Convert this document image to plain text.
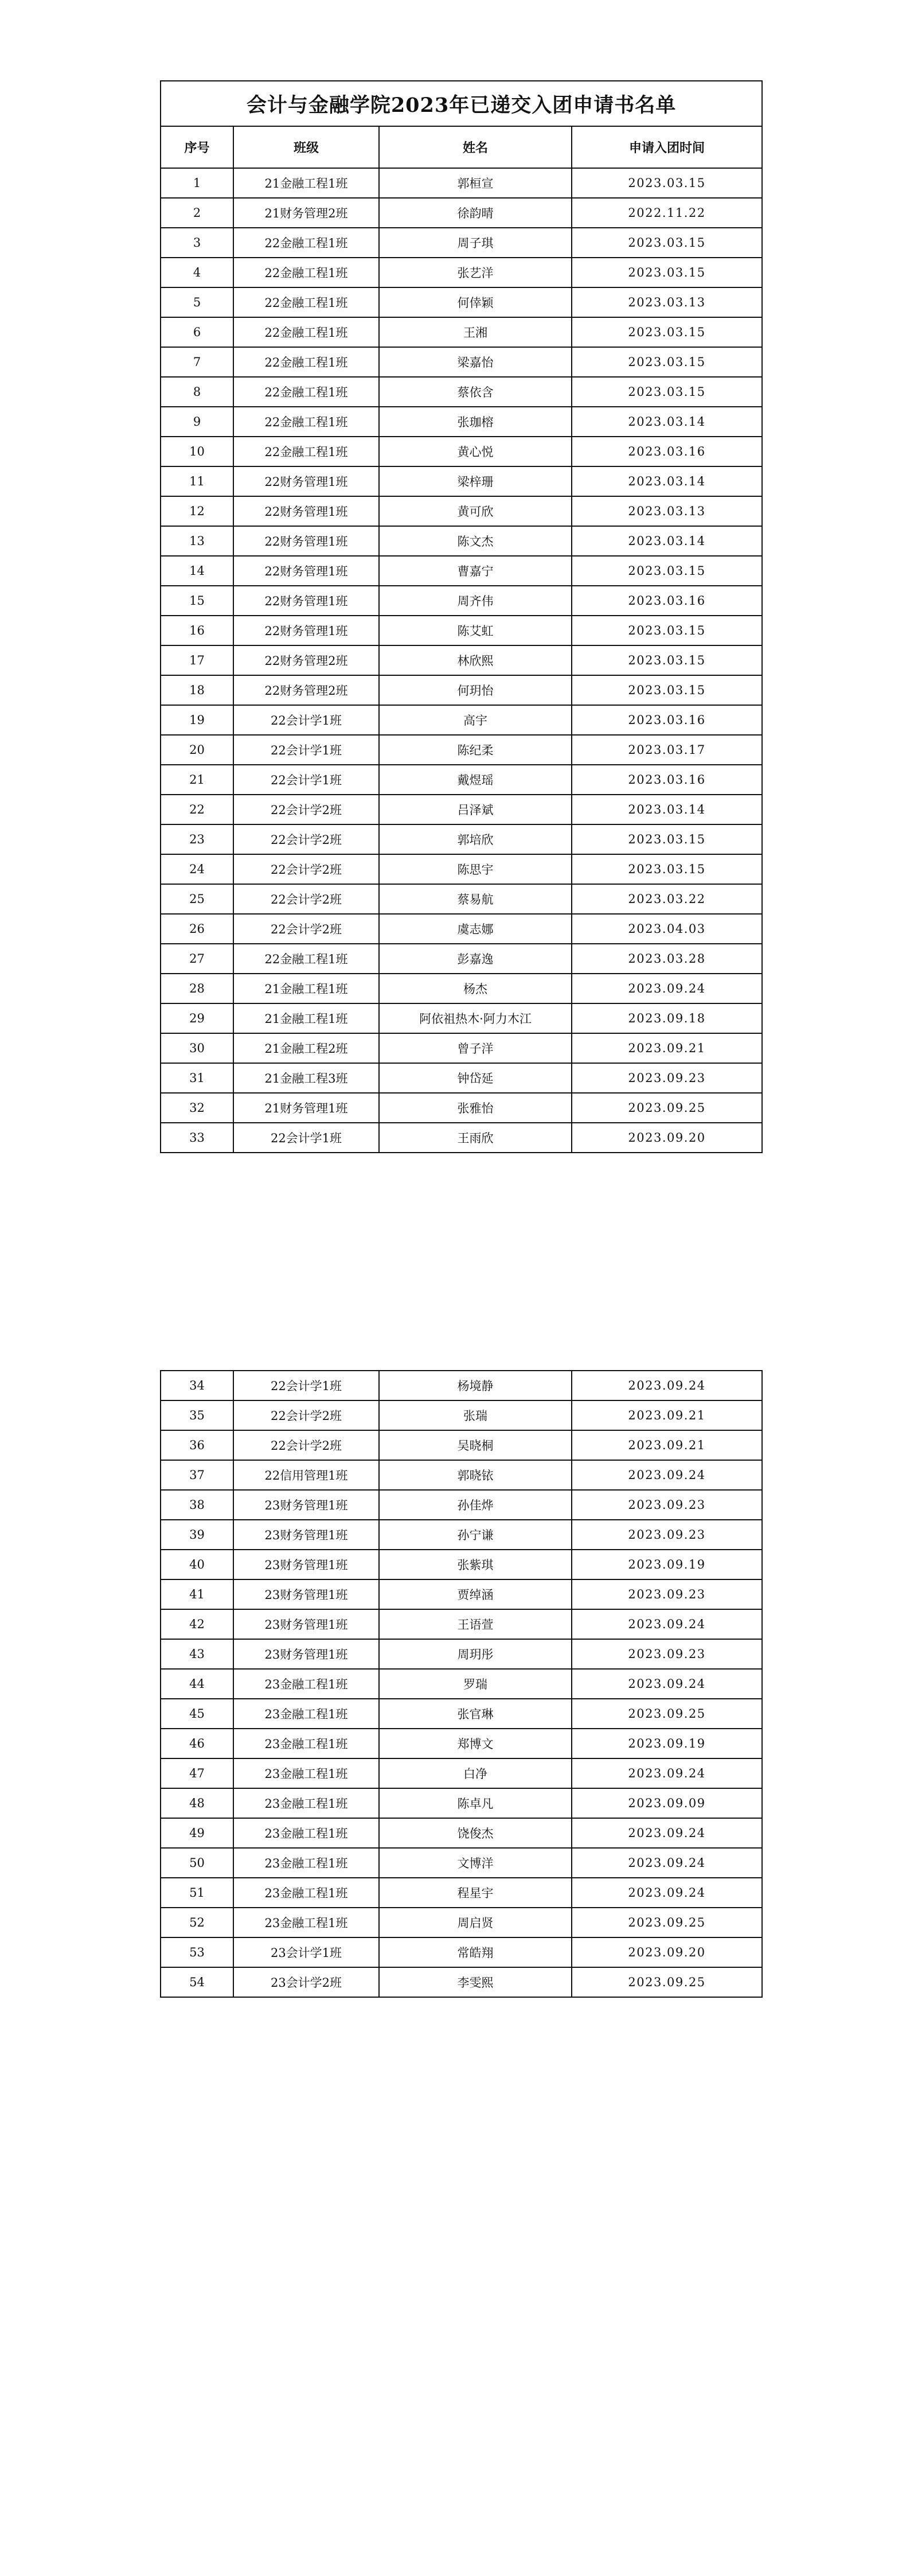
会计与金融学院2023年已递交入团申请书名单			
序号	班级	姓名	申请入团时间
1	21金融工程1班	郭桓宣	2023.03.15
2	21财务管理2班	徐韵晴	2022.11.22
3	22金融工程1班	周子琪	2023.03.15
4	22金融工程1班	张艺洋	2023.03.15
5	22金融工程1班	何倖颖	2023.03.13
6	22金融工程1班	王湘	2023.03.15
7	22金融工程1班	梁嘉怡	2023.03.15
8	22金融工程1班	蔡依含	2023.03.15
9	22金融工程1班	张珈榕	2023.03.14
10	22金融工程1班	黄心悦	2023.03.16
11	22财务管理1班	梁梓珊	2023.03.14
12	22财务管理1班	黄可欣	2023.03.13
13	22财务管理1班	陈文杰	2023.03.14
14	22财务管理1班	曹嘉宁	2023.03.15
15	22财务管理1班	周齐伟	2023.03.16
16	22财务管理1班	陈艾虹	2023.03.15
17	22财务管理2班	林欣熙	2023.03.15
18	22财务管理2班	何玥怡	2023.03.15
19	22会计学1班	高宇	2023.03.16
20	22会计学1班	陈纪柔	2023.03.17
21	22会计学1班	戴煜瑶	2023.03.16
22	22会计学2班	吕泽斌	2023.03.14
23	22会计学2班	郭培欣	2023.03.15
24	22会计学2班	陈思宇	2023.03.15
25	22会计学2班	蔡易航	2023.03.22
26	22会计学2班	虞志娜	2023.04.03
27	22金融工程1班	彭嘉逸	2023.03.28
28	21金融工程1班	杨杰	2023.09.24
29	21金融工程1班	阿依祖热木·阿力木江	2023.09.18
30	21金融工程2班	曾子洋	2023.09.21
31	21金融工程3班	钟岱延	2023.09.23
32	21财务管理1班	张雅怡	2023.09.25
33	22会计学1班	王雨欣	2023.09.20
34	22会计学1班	杨境静	2023.09.24
35	22会计学2班	张瑞	2023.09.21
36	22会计学2班	吴晓桐	2023.09.21
37	22信用管理1班	郭晓铱	2023.09.24
38	23财务管理1班	孙佳烨	2023.09.23
39	23财务管理1班	孙宁谦	2023.09.23
40	23财务管理1班	张紫琪	2023.09.19
41	23财务管理1班	贾绰涵	2023.09.23
42	23财务管理1班	王语萱	2023.09.24
43	23财务管理1班	周玥彤	2023.09.23
44	23金融工程1班	罗瑞	2023.09.24
45	23金融工程1班	张官琳	2023.09.25
46	23金融工程1班	郑博文	2023.09.19
47	23金融工程1班	白净	2023.09.24
48	23金融工程1班	陈卓凡	2023.09.09
49	23金融工程1班	饶俊杰	2023.09.24
50	23金融工程1班	文博洋	2023.09.24
51	23金融工程1班	程星宇	2023.09.24
52	23金融工程1班	周启贤	2023.09.25
53	23会计学1班	常皓翔	2023.09.20
54	23会计学2班	李雯熙	2023.09.25
